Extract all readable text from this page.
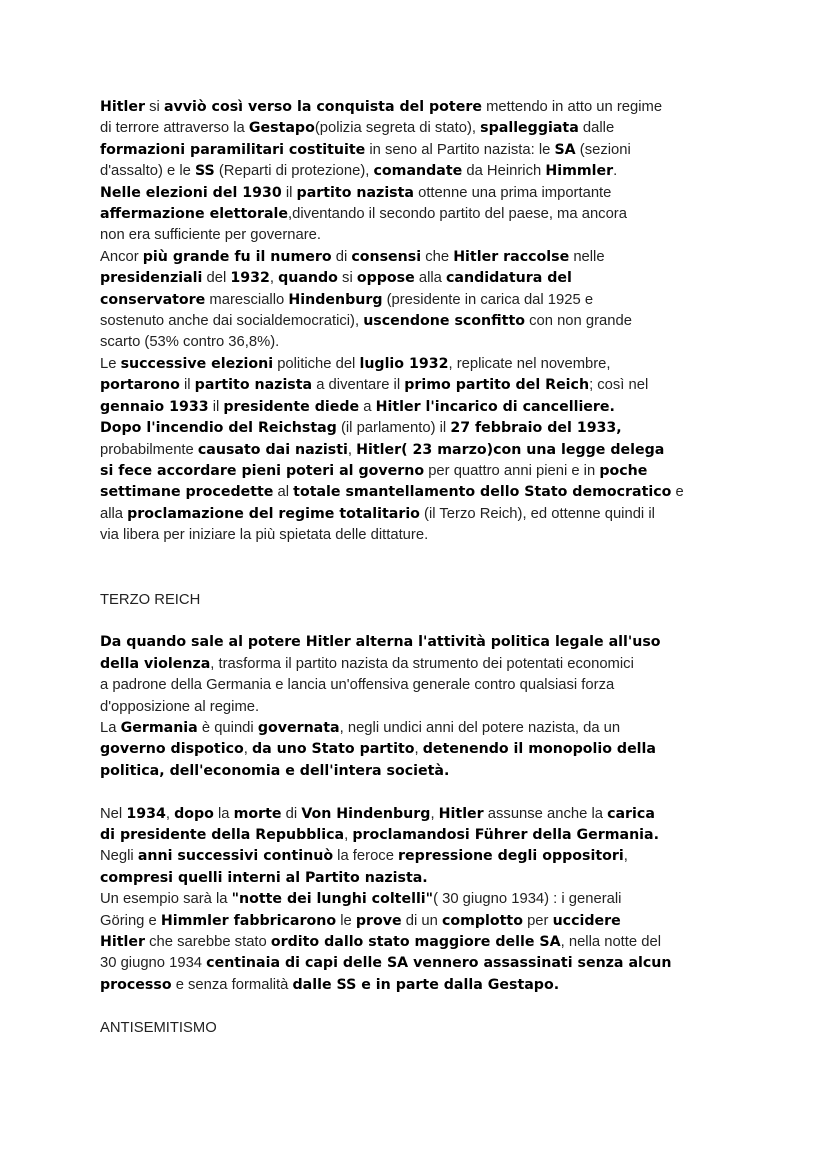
Hitler si avviò così verso la conquista del potere mettendo in atto un regime

di terrore attraverso la Gestapo(polizia segreta di stato), spalleggiata dalle

formazioni paramilitari costituite in seno al Partito nazista: le SA (sezioni

d'assalto) e le SS (Reparti di protezione), comandate da Heinrich Himmler.

Nelle elezioni del 1930 il partito nazista ottenne una prima importante

affermazione elettorale,diventando il secondo partito del paese, ma ancora

non era sufficiente per governare.

Ancor più grande fu il numero di consensi che Hitler raccolse nelle

presidenziali del 1932, quando si oppose alla candidatura del

conservatore maresciallo Hindenburg (presidente in carica dal 1925 e

sostenuto anche dai socialdemocratici), uscendone sconfitto con non grande

scarto (53% contro 36,8%).

Le successive elezioni politiche del luglio 1932, replicate nel novembre,

portarono il partito nazista a diventare il primo partito del Reich; così nel

gennaio 1933 il presidente diede a Hitler l'incarico di cancelliere.

Dopo l'incendio del Reichstag (il parlamento) il 27 febbraio del 1933,

probabilmente causato dai nazisti, Hitler( 23 marzo)con una legge delega

si fece accordare pieni poteri al governo per quattro anni pieni e in poche

settimane procedette al totale smantellamento dello Stato democratico e

alla proclamazione del regime totalitario (il Terzo Reich), ed ottenne quindi il

via libera per iniziare la più spietata delle dittature.

TERZO REICH

Da quando sale al potere Hitler alterna l'attività politica legale all'uso

della violenza, trasforma il partito nazista da strumento dei potentati economici

a padrone della Germania e lancia un'offensiva generale contro qualsiasi forza

d'opposizione al regime.

La Germania è quindi governata, negli undici anni del potere nazista, da un

governo dispotico, da uno Stato partito, detenendo il monopolio della

politica, dell'economia e dell'intera società.

Nel 1934, dopo la morte di Von Hindenburg, Hitler assunse anche la carica

di presidente della Repubblica, proclamandosi Führer della Germania.

Negli anni successivi continuò la feroce repressione degli oppositori,

compresi quelli interni al Partito nazista.

Un esempio sarà la "notte dei lunghi coltelli"( 30 giugno 1934) : i generali

Göring e Himmler fabbricarono le prove di un complotto per uccidere

Hitler che sarebbe stato ordito dallo stato maggiore delle SA, nella notte del

30 giugno 1934 centinaia di capi delle SA vennero assassinati senza alcun

processo e senza formalità dalle SS e in parte dalla Gestapo.

ANTISEMITISMO
